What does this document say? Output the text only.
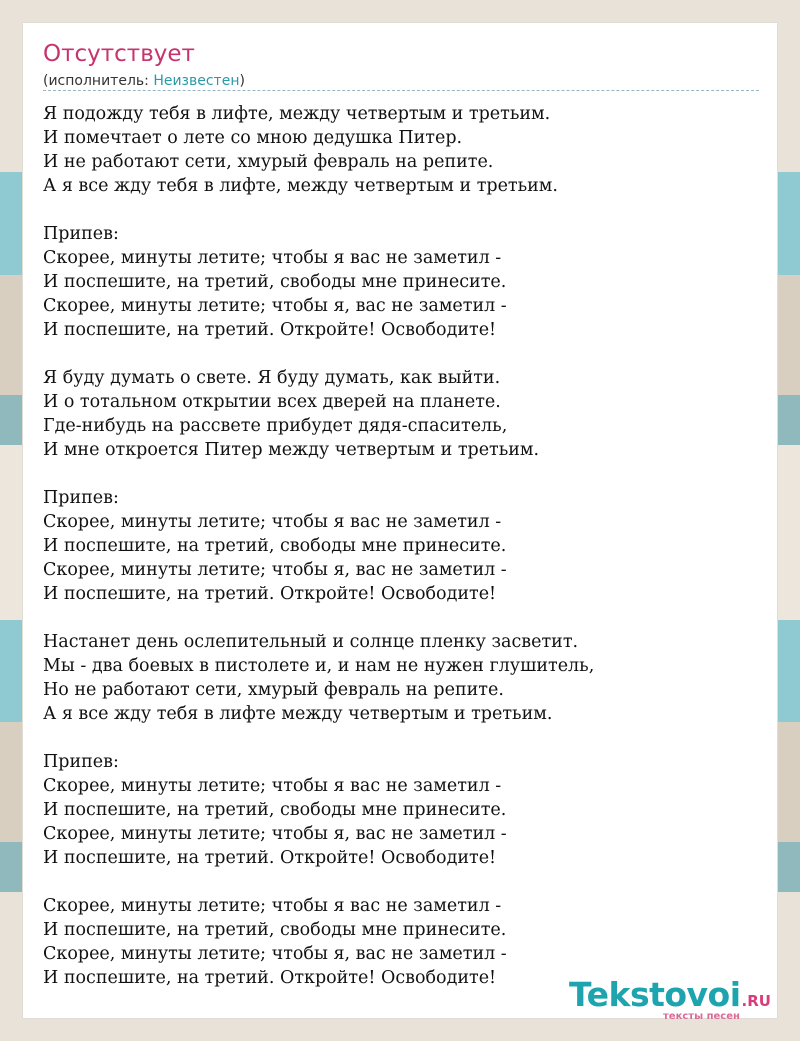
Отсутствует
(исполнитель: Неизвестен)
Я подожду тебя в лифте, между четвертым и третьим.
И помечтает о лете со мною дедушка Питер.
И не работают сети, хмурый февраль на репите.
А я все жду тебя в лифте, между четвертым и третьим.
Припев:
Скорее, минуты летите; чтобы я вас не заметил -
И поспешите, на третий, свободы мне принесите.
Скорее, минуты летите; чтобы я, вас не заметил -
И поспешите, на третий. Откройте! Освободите!
Я буду думать о свете. Я буду думать, как выйти.
И о тотальном открытии всех дверей на планете.
Где-нибудь на рассвете прибудет дядя-спаситель,
И мне откроется Питер между четвертым и третьим.
Припев:
Скорее, минуты летите; чтобы я вас не заметил -
И поспешите, на третий, свободы мне принесите.
Скорее, минуты летите; чтобы я, вас не заметил -
И поспешите, на третий. Откройте! Освободите!
Настанет день ослепительный и солнце пленку засветит.
Мы - два боевых в пистолете и, и нам не нужен глушитель,
Но не работают сети, хмурый февраль на репите.
А я все жду тебя в лифте между четвертым и третьим.
Припев:
Скорее, минуты летите; чтобы я вас не заметил -
И поспешите, на третий, свободы мне принесите.
Скорее, минуты летите; чтобы я, вас не заметил -
И поспешите, на третий. Откройте! Освободите!
Скорее, минуты летите; чтобы я вас не заметил -
И поспешите, на третий, свободы мне принесите.
Скорее, минуты летите; чтобы я, вас не заметил -
И поспешите, на третий. Откройте! Освободите!	Tekstovoi.RU
тексты песен
